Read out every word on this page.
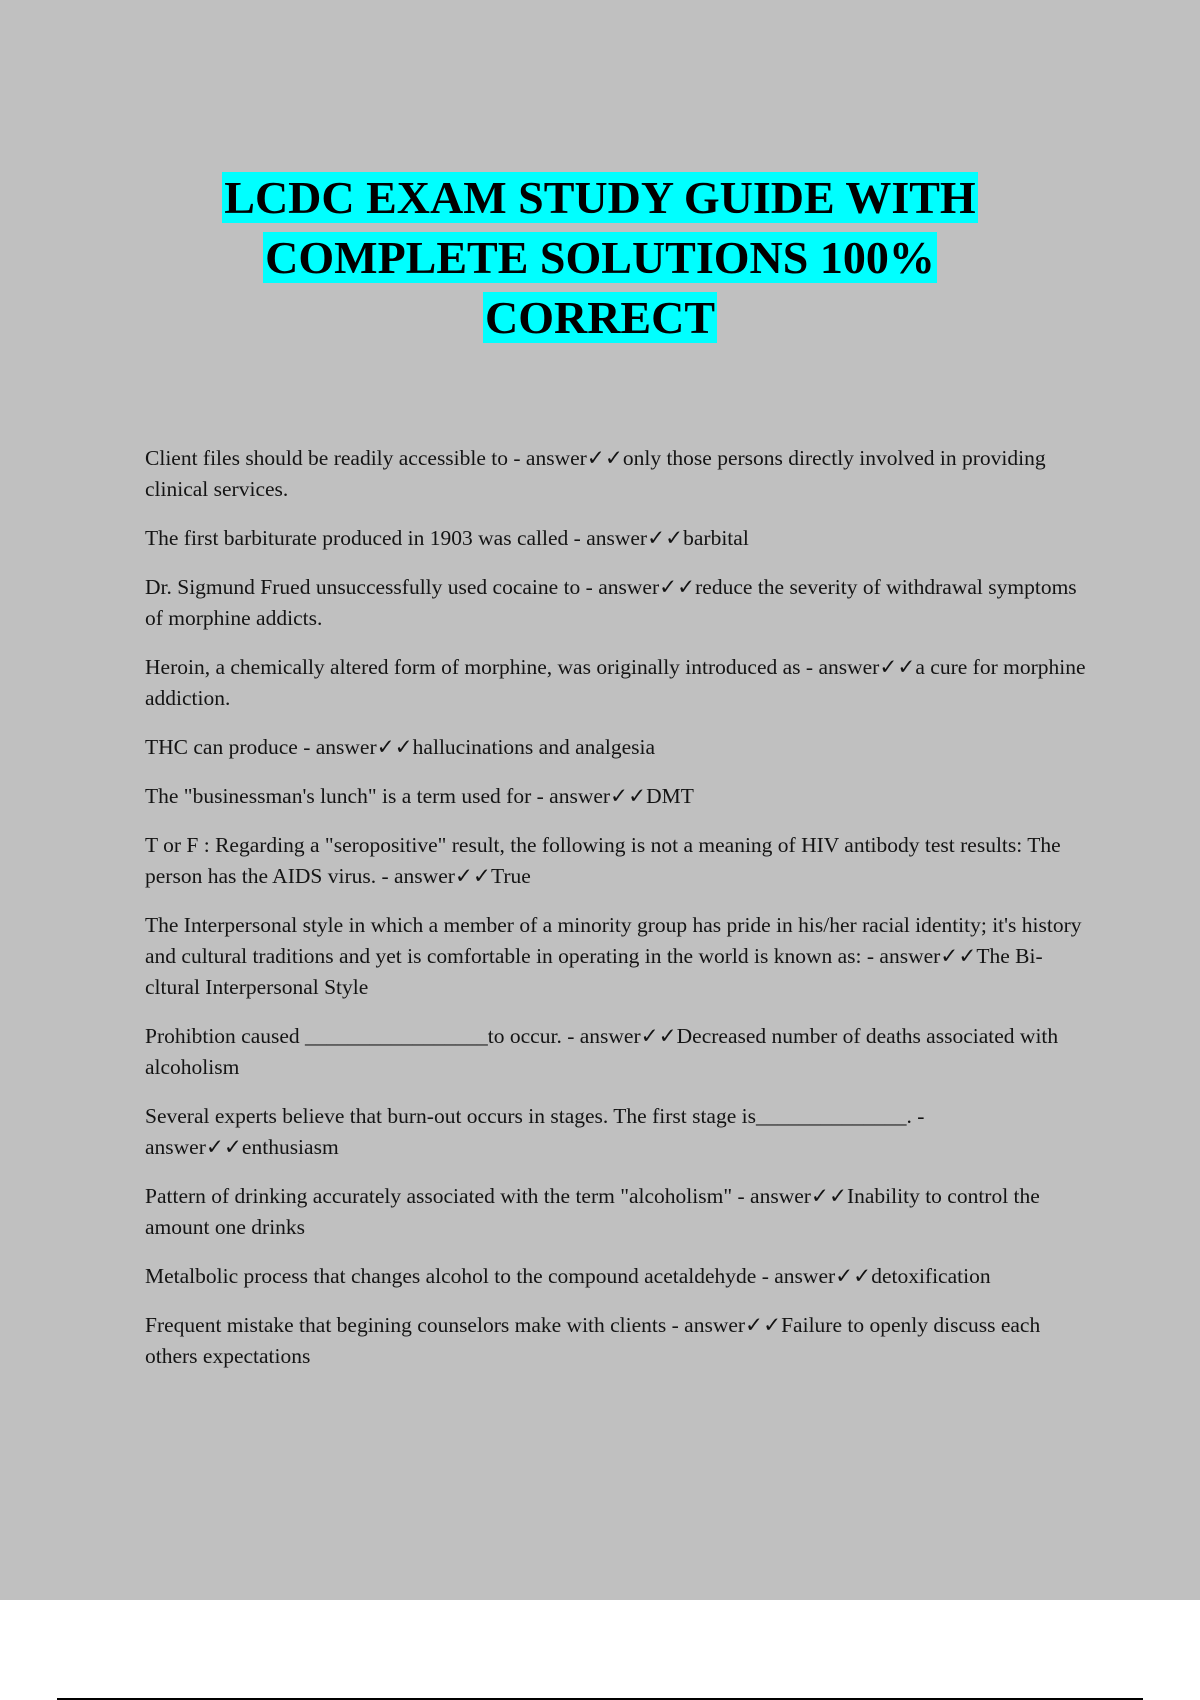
LCDC EXAM STUDY GUIDE WITH
COMPLETE SOLUTIONS 100%
CORRECT

Client files should be readily accessible to - answer✓✓only those persons directly involved in providing clinical services.

The first barbiturate produced in 1903 was called - answer✓✓barbital

Dr. Sigmund Frued unsuccessfully used cocaine to - answer✓✓reduce the severity of withdrawal symptoms of morphine addicts.

Heroin, a chemically altered form of morphine, was originally introduced as - answer✓✓a cure for morphine addiction.

THC can produce - answer✓✓hallucinations and analgesia

The "businessman's lunch" is a term used for - answer✓✓DMT

T or F : Regarding a "seropositive" result, the following is not a meaning of HIV antibody test results: The person has the AIDS virus. - answer✓✓True

The Interpersonal style in which a member of a minority group has pride in his/her racial identity; it's history and cultural traditions and yet is comfortable in operating in the world is known as: - answer✓✓The Bi-cltural Interpersonal Style

Prohibtion caused _________________to occur. - answer✓✓Decreased number of deaths associated with alcoholism

Several experts believe that burn-out occurs in stages. The first stage is______________. - answer✓✓enthusiasm

Pattern of drinking accurately associated with the term "alcoholism" - answer✓✓Inability to control the amount one drinks

Metalbolic process that changes alcohol to the compound acetaldehyde - answer✓✓detoxification

Frequent mistake that begining counselors make with clients - answer✓✓Failure to openly discuss each others expectations
